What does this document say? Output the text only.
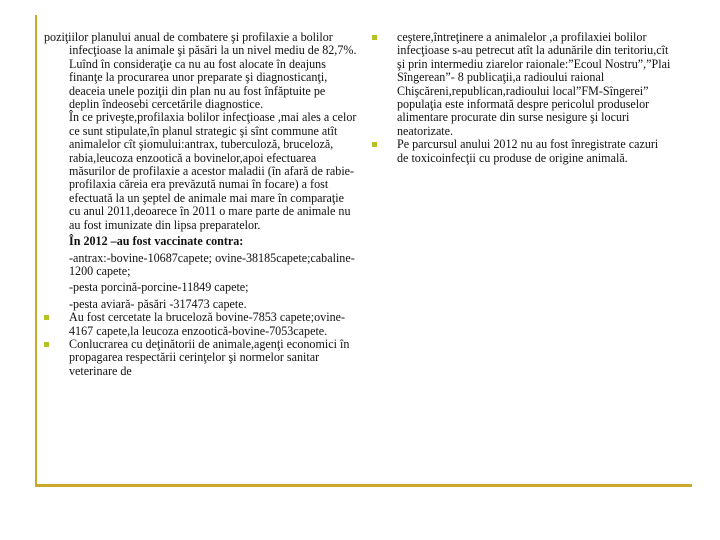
poziţiilor planului anual de combatere şi profilaxie a bolilor infecţioase la animale şi păsări la un nivel mediu de 82,7%. Luînd în consideraţie ca nu au fost alocate în deajuns finanţe la procurarea unor preparate şi diagnosticanţi, deaceia unele poziţii din plan nu au fost înfăptuite pe deplin îndeosebi cercetările diagnostice.

În ce priveşte,profilaxia bolilor infecţioase ,mai ales a celor ce sunt stipulate,în planul strategic şi sînt commune atît animalelor cît şiomului:antrax, tuberculoză, bruceloză, rabia,leucoza enzootică a bovinelor,apoi efectuarea măsurilor de profilaxie a acestor maladii (în afară de rabie-profilaxia căreia era prevăzută numai în focare) a fost efectuată la un şeptel de animale mai mare în comparaţie cu anul 2011,deoarece în 2011 o mare parte de animale nu au fost imunizate din lipsa preparatelor.

În 2012 –au fost vaccinate contra:

-antrax:-bovine-10687capete; ovine-38185capete;cabaline-1200 capete;

-pesta porcină-porcine-11849 capete;

-pesta aviară- păsări -317473 capete.

Au fost cercetate la bruceloză bovine-7853 capete;ovine-4167 capete,la leucoza enzootică-bovine-7053capete.
Conlucrarea cu deţinătorii de animale,agenţi economici în propagarea respectării cerinţelor şi normelor sanitar veterinare de
ceştere,întreţinere a animalelor ,a profilaxiei bolilor infecţioase s-au petrecut atît la adunările din teritoriu,cît şi prin intermediu ziarelor raionale:”Ecoul Nostru”,”Plai Sîngerean”- 8 publicaţii,a radioului raional Chişcăreni,republican,radioului local”FM-Sîngerei” populaţia este informată despre pericolul produselor alimentare procurate din surse nesigure şi locuri neatorizate.
Pe parcursul anului 2012 nu au fost înregistrate cazuri de toxicoinfecţii cu produse de origine animală.
